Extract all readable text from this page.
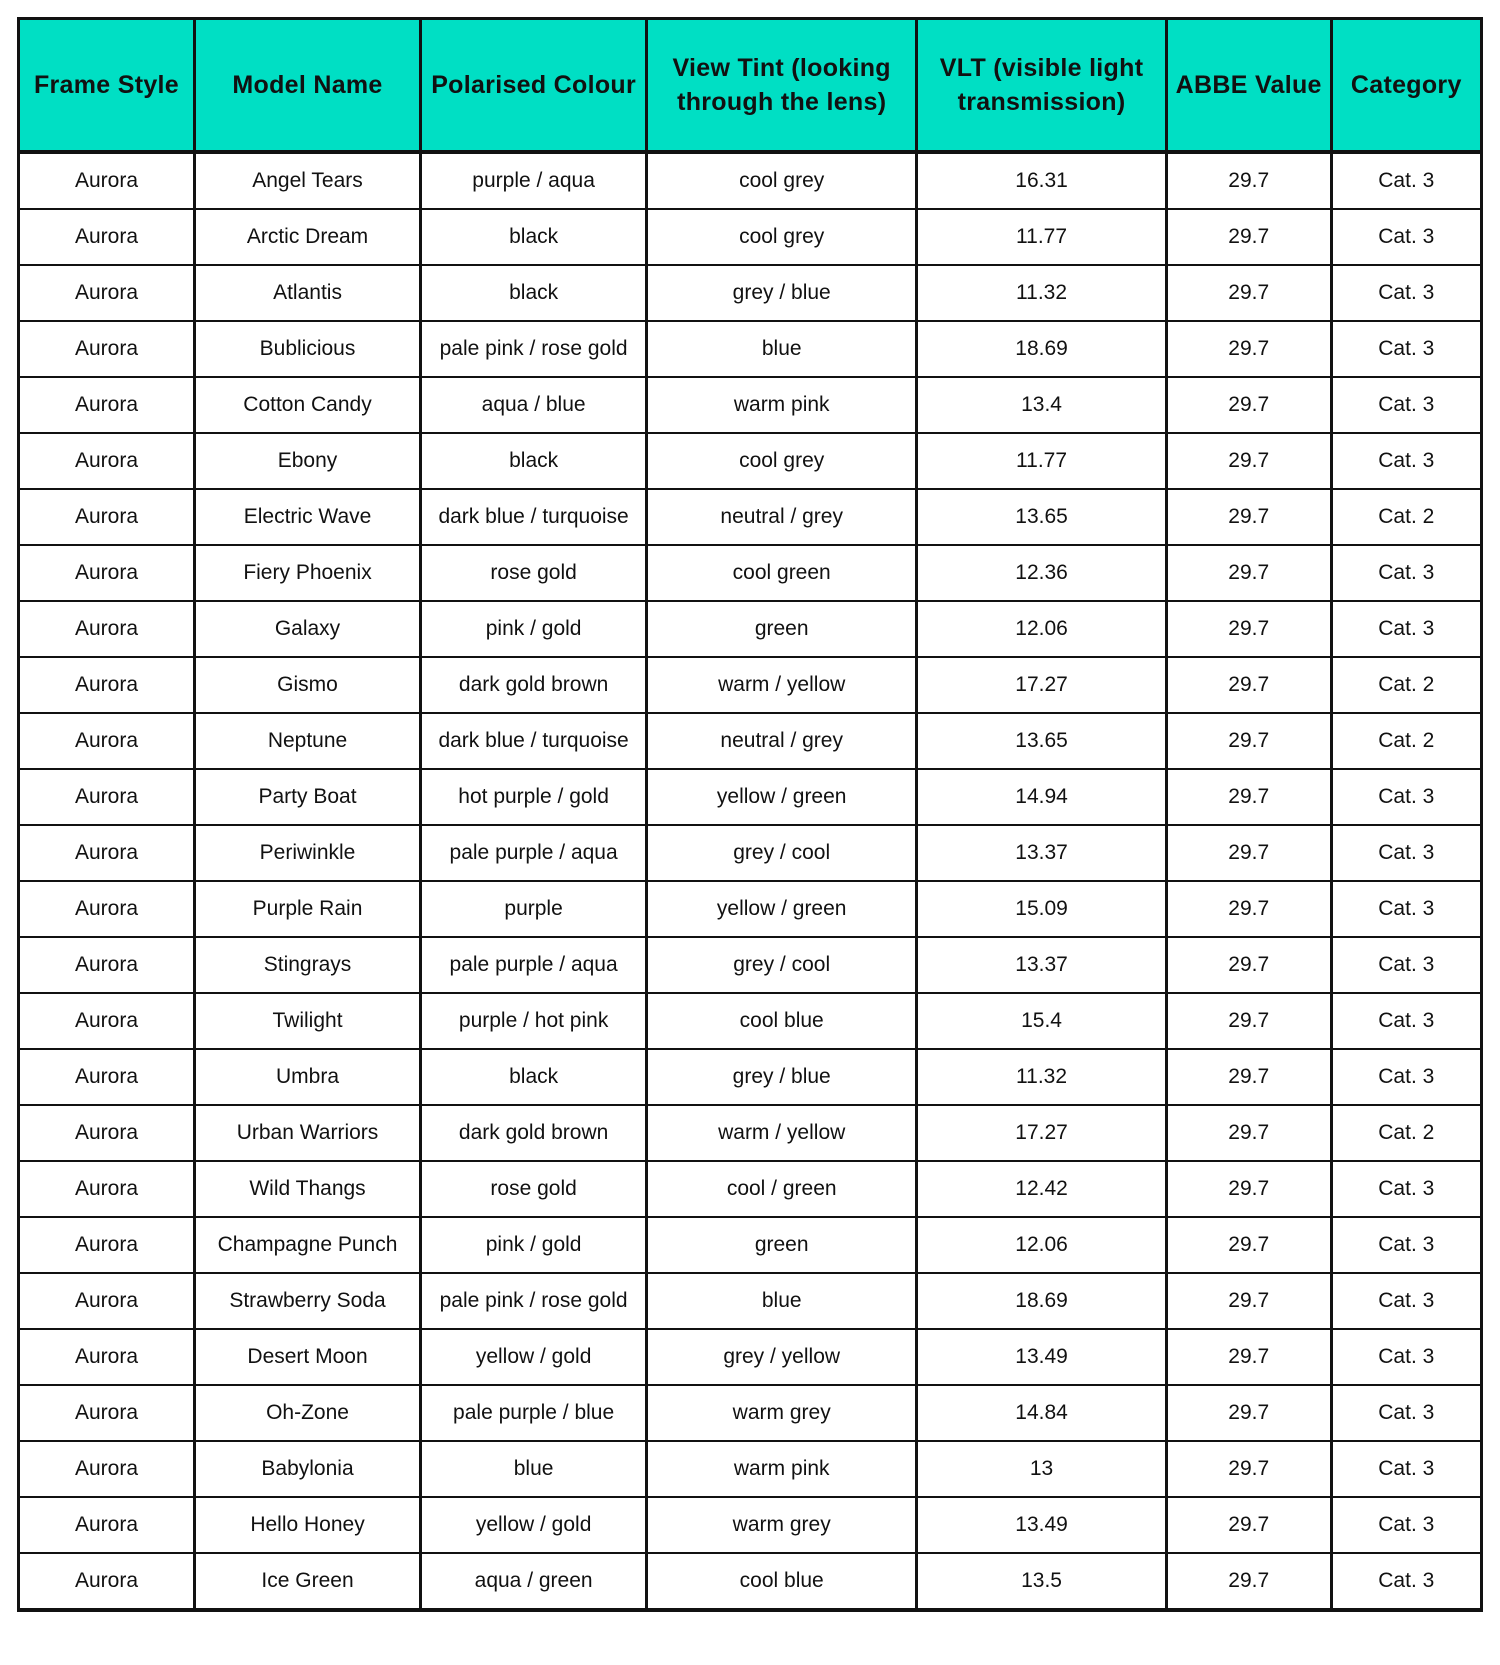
Frame Style	Model Name	Polarised Colour	View Tint (looking through the lens)	VLT (visible light transmission)	ABBE Value	Category
Aurora	Angel Tears	purple / aqua	cool grey	16.31	29.7	Cat. 3
Aurora	Arctic Dream	black	cool grey	11.77	29.7	Cat. 3
Aurora	Atlantis	black	grey / blue	11.32	29.7	Cat. 3
Aurora	Bublicious	pale pink / rose gold	blue	18.69	29.7	Cat. 3
Aurora	Cotton Candy	aqua / blue	warm pink	13.4	29.7	Cat. 3
Aurora	Ebony	black	cool grey	11.77	29.7	Cat. 3
Aurora	Electric Wave	dark blue / turquoise	neutral / grey	13.65	29.7	Cat. 2
Aurora	Fiery Phoenix	rose gold	cool green	12.36	29.7	Cat. 3
Aurora	Galaxy	pink / gold	green	12.06	29.7	Cat. 3
Aurora	Gismo	dark gold brown	warm / yellow	17.27	29.7	Cat. 2
Aurora	Neptune	dark blue / turquoise	neutral / grey	13.65	29.7	Cat. 2
Aurora	Party Boat	hot purple / gold	yellow / green	14.94	29.7	Cat. 3
Aurora	Periwinkle	pale purple / aqua	grey / cool	13.37	29.7	Cat. 3
Aurora	Purple Rain	purple	yellow / green	15.09	29.7	Cat. 3
Aurora	Stingrays	pale purple / aqua	grey / cool	13.37	29.7	Cat. 3
Aurora	Twilight	purple / hot pink	cool blue	15.4	29.7	Cat. 3
Aurora	Umbra	black	grey / blue	11.32	29.7	Cat. 3
Aurora	Urban Warriors	dark gold brown	warm / yellow	17.27	29.7	Cat. 2
Aurora	Wild Thangs	rose gold	cool / green	12.42	29.7	Cat. 3
Aurora	Champagne Punch	pink / gold	green	12.06	29.7	Cat. 3
Aurora	Strawberry Soda	pale pink / rose gold	blue	18.69	29.7	Cat. 3
Aurora	Desert Moon	yellow / gold	grey / yellow	13.49	29.7	Cat. 3
Aurora	Oh-Zone	pale purple / blue	warm grey	14.84	29.7	Cat. 3
Aurora	Babylonia	blue	warm pink	13	29.7	Cat. 3
Aurora	Hello Honey	yellow / gold	warm grey	13.49	29.7	Cat. 3
Aurora	Ice Green	aqua / green	cool blue	13.5	29.7	Cat. 3
